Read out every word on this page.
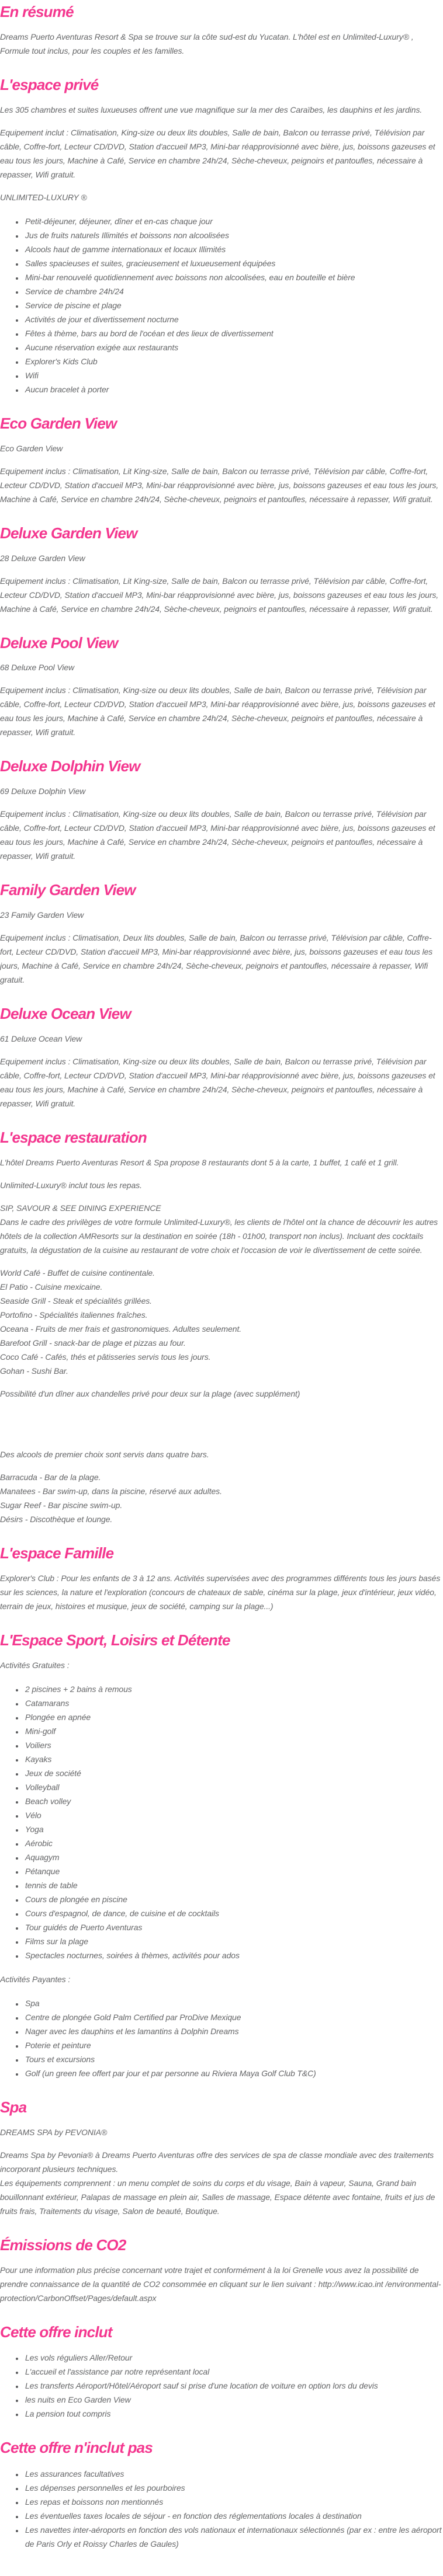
En résumé

Dreams Puerto Aventuras Resort & Spa se trouve sur la côte sud-est du Yucatan. L'hôtel est en Unlimited-Luxury® , Formule tout inclus, pour les couples et les familles.

L'espace privé

Les 305 chambres et suites luxueuses offrent une vue magnifique sur la mer des Caraïbes, les dauphins et les jardins.

Equipement inclut : Climatisation, King-size ou deux lits doubles, Salle de bain, Balcon ou terrasse privé, Télévision par câble, Coffre-fort, Lecteur CD/DVD, Station d'accueil MP3, Mini-bar réapprovisionné avec bière, jus, boissons gazeuses et eau tous les jours, Machine à Café, Service en chambre 24h/24, Sèche-cheveux, peignoirs et pantoufles, nécessaire à repasser, Wifi gratuit.

UNLIMITED-LUXURY ®

• Petit-déjeuner, déjeuner, dîner et en-cas chaque jour
• Jus de fruits naturels Illimités et boissons non alcoolisées
• Alcools haut de gamme internationaux et locaux Illimités
• Salles spacieuses et suites, gracieusement et luxueusement équipées
• Mini-bar renouvelé quotidiennement avec boissons non alcoolisées, eau en bouteille et bière
• Service de chambre 24h/24
• Service de piscine et plage
• Activités de jour et divertissement nocturne
• Fêtes à thème, bars au bord de l'océan et des lieux de divertissement
• Aucune réservation exigée aux restaurants
• Explorer's Kids Club
• Wifi
• Aucun bracelet à porter
Eco Garden View

Eco Garden View

Equipement inclus : Climatisation, Lit King-size, Salle de bain, Balcon ou terrasse privé, Télévision par câble, Coffre-fort, Lecteur CD/DVD, Station d'accueil MP3, Mini-bar réapprovisionné avec bière, jus, boissons gazeuses et eau tous les jours, Machine à Café, Service en chambre 24h/24, Sèche-cheveux, peignoirs et pantoufles, nécessaire à repasser, Wifi gratuit.

Deluxe Garden View

28 Deluxe Garden View

Equipement inclus : Climatisation, Lit King-size, Salle de bain, Balcon ou terrasse privé, Télévision par câble, Coffre-fort, Lecteur CD/DVD, Station d'accueil MP3, Mini-bar réapprovisionné avec bière, jus, boissons gazeuses et eau tous les jours, Machine à Café, Service en chambre 24h/24, Sèche-cheveux, peignoirs et pantoufles, nécessaire à repasser, Wifi gratuit.

Deluxe Pool View

68 Deluxe Pool View

Equipement inclus : Climatisation, King-size ou deux lits doubles, Salle de bain, Balcon ou terrasse privé, Télévision par câble, Coffre-fort, Lecteur CD/DVD, Station d'accueil MP3, Mini-bar réapprovisionné avec bière, jus, boissons gazeuses et eau tous les jours, Machine à Café, Service en chambre 24h/24, Sèche-cheveux, peignoirs et pantoufles, nécessaire à repasser, Wifi gratuit.

Deluxe Dolphin View

69 Deluxe Dolphin View

Equipement inclus : Climatisation, King-size ou deux lits doubles, Salle de bain, Balcon ou terrasse privé, Télévision par câble, Coffre-fort, Lecteur CD/DVD, Station d'accueil MP3, Mini-bar réapprovisionné avec bière, jus, boissons gazeuses et eau tous les jours, Machine à Café, Service en chambre 24h/24, Sèche-cheveux, peignoirs et pantoufles, nécessaire à repasser, Wifi gratuit.

Family Garden View

23 Family Garden View

Equipement inclus : Climatisation, Deux lits doubles, Salle de bain, Balcon ou terrasse privé, Télévision par câble, Coffre-fort, Lecteur CD/DVD, Station d'accueil MP3, Mini-bar réapprovisionné avec bière, jus, boissons gazeuses et eau tous les jours, Machine à Café, Service en chambre 24h/24, Sèche-cheveux, peignoirs et pantoufles, nécessaire à repasser, Wifi gratuit.

Deluxe Ocean View

61 Deluxe Ocean View

Equipement inclus : Climatisation, King-size ou deux lits doubles, Salle de bain, Balcon ou terrasse privé, Télévision par câble, Coffre-fort, Lecteur CD/DVD, Station d'accueil MP3, Mini-bar réapprovisionné avec bière, jus, boissons gazeuses et eau tous les jours, Machine à Café, Service en chambre 24h/24, Sèche-cheveux, peignoirs et pantoufles, nécessaire à repasser, Wifi gratuit.

L'espace restauration

L'hôtel Dreams Puerto Aventuras Resort & Spa propose 8 restaurants dont 5 à la carte, 1 buffet, 1 café et 1 grill.

Unlimited-Luxury® inclut tous les repas.

SIP, SAVOUR & SEE DINING EXPERIENCE
Dans le cadre des privilèges de votre formule Unlimited-Luxury®, les clients de l'hôtel ont la chance de découvrir les autres hôtels de la collection AMResorts sur la destination en soirée (18h - 01h00, transport non inclus). Incluant des cocktails gratuits, la dégustation de la cuisine au restaurant de votre choix et l'occasion de voir le divertissement de cette soirée.

World Café - Buffet de cuisine continentale.
El Patio - Cuisine mexicaine.
Seaside Grill - Steak et spécialités grillées.
Portofino - Spécialités italiennes fraîches.
Oceana - Fruits de mer frais et gastronomiques. Adultes seulement.
Barefoot Grill - snack-bar de plage et pizzas au four.
Coco Café - Cafés, thés et pâtisseries servis tous les jours.
Gohan - Sushi Bar.

Possibilité d'un dîner aux chandelles privé pour deux sur la plage (avec supplément)

Des alcools de premier choix sont servis dans quatre bars.

Barracuda - Bar de la plage.
Manatees - Bar swim-up, dans la piscine, réservé aux adultes.
Sugar Reef - Bar piscine swim-up.
Désirs - Discothèque et lounge.

L'espace Famille

Explorer's Club : Pour les enfants de 3 à 12 ans. Activités supervisées avec des programmes différents tous les jours basés sur les sciences, la nature et l'exploration (concours de chateaux de sable, cinéma sur la plage, jeux d'intérieur, jeux vidéo, terrain de jeux, histoires et musique, jeux de société, camping sur la plage...)

L'Espace Sport, Loisirs et Détente

Activités Gratuites :

• 2 piscines + 2 bains à remous
• Catamarans
• Plongée en apnée
• Mini-golf
• Voiliers
• Kayaks
• Jeux de société
• Volleyball
• Beach volley
• Vélo
• Yoga
• Aérobic
• Aquagym
• Pétanque
• tennis de table
• Cours de plongée en piscine
• Cours d'espagnol, de dance, de cuisine et de cocktails
• Tour guidés de Puerto Aventuras
• Films sur la plage
• Spectacles nocturnes, soirées à thèmes, activités pour ados

Activités Payantes :

• Spa
• Centre de plongée Gold Palm Certified par ProDive Mexique
• Nager avec les dauphins et les lamantins à Dolphin Dreams
• Poterie et peinture
• Tours et excursions
• Golf (un green fee offert par jour et par personne au Riviera Maya Golf Club T&C)
Spa

DREAMS SPA by PEVONIA®

Dreams Spa by Pevonia® à Dreams Puerto Aventuras offre des services de spa de classe mondiale avec des traitements incorporant plusieurs techniques.
Les équipements comprennent : un menu complet de soins du corps et du visage, Bain à vapeur, Sauna, Grand bain bouillonnant extérieur, Palapas de massage en plein air, Salles de massage, Espace détente avec fontaine, fruits et jus de fruits frais, Traitements du visage, Salon de beauté, Boutique.

Émissions de CO2

Pour une information plus précise concernant votre trajet et conformément à la loi Grenelle vous avez la possibilité de prendre connaissance de la quantité de CO2 consommée en cliquant sur le lien suivant : http://www.icao.int /environmental-protection/CarbonOffset/Pages/default.aspx

Cette offre inclut
• Les vols réguliers Aller/Retour
• L'accueil et l'assistance par notre représentant local
• Les transferts Aéroport/Hôtel/Aéroport sauf si prise d'une location de voiture en option lors du devis
• les nuits en Eco Garden View
• La pension tout compris
Cette offre n'inclut pas
• Les assurances facultatives
• Les dépenses personnelles et les pourboires
• Les repas et boissons non mentionnés
• Les éventuelles taxes locales de séjour - en fonction des réglementations locales à destination
• Les navettes inter-aéroports en fonction des vols nationaux et internationaux sélectionnés (par ex : entre les aéroport de Paris Orly et Roissy Charles de Gaules)
